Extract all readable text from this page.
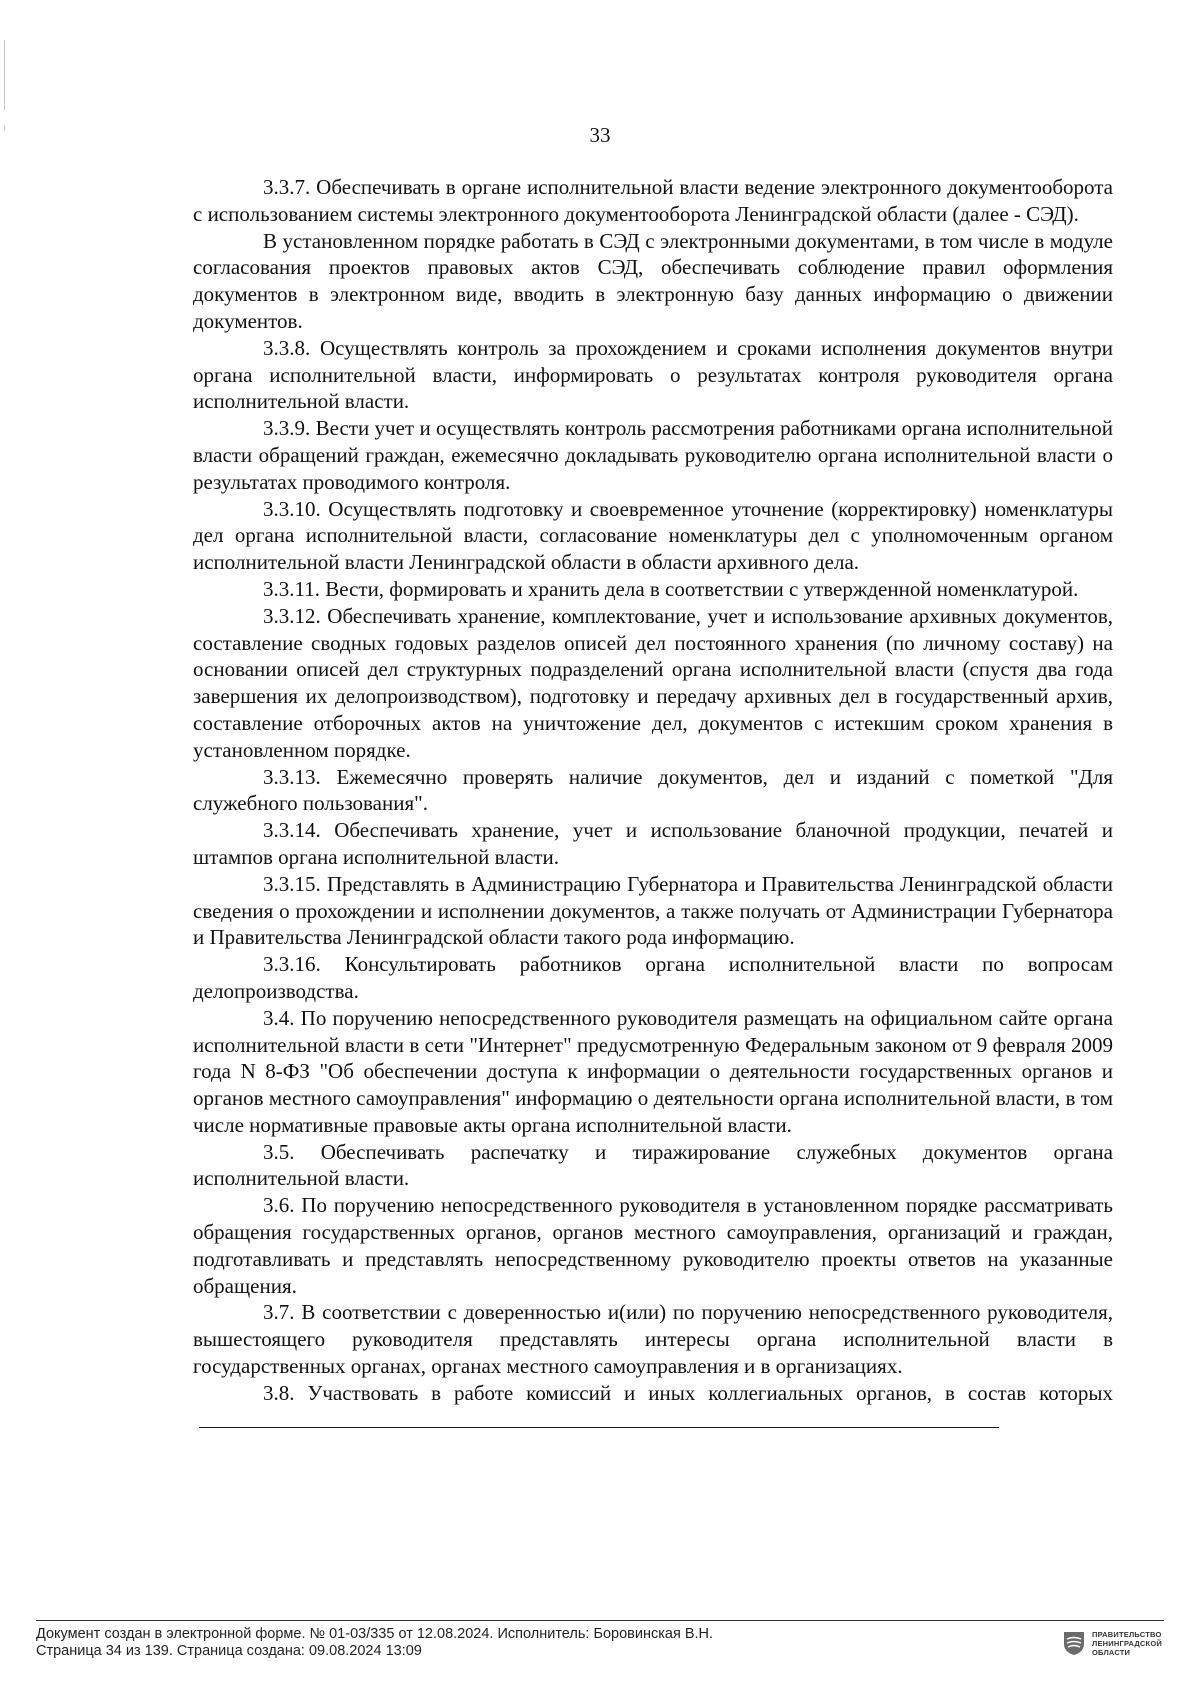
33

3.3.7. Обеспечивать в органе исполнительной власти ведение электронного документооборота с использованием системы электронного документооборота Ленинградской области (далее - СЭД).

В установленном порядке работать в СЭД с электронными документами, в том числе в модуле согласования проектов правовых актов СЭД, обеспечивать соблюдение правил оформления документов в электронном виде, вводить в электронную базу данных информацию о движении документов.

3.3.8. Осуществлять контроль за прохождением и сроками исполнения документов внутри органа исполнительной власти, информировать о результатах контроля руководителя органа исполнительной власти.

3.3.9. Вести учет и осуществлять контроль рассмотрения работниками органа исполнительной власти обращений граждан, ежемесячно докладывать руководителю органа исполнительной власти о результатах проводимого контроля.

3.3.10. Осуществлять подготовку и своевременное уточнение (корректировку) номенклатуры дел органа исполнительной власти, согласование номенклатуры дел с уполномоченным органом исполнительной власти Ленинградской области в области архивного дела.

3.3.11. Вести, формировать и хранить дела в соответствии с утвержденной номенклатурой.

3.3.12. Обеспечивать хранение, комплектование, учет и использование архивных документов, составление сводных годовых разделов описей дел постоянного хранения (по личному составу) на основании описей дел структурных подразделений органа исполнительной власти (спустя два года завершения их делопроизводством), подготовку и передачу архивных дел в государственный архив, составление отборочных актов на уничтожение дел, документов с истекшим сроком хранения в установленном порядке.

3.3.13. Ежемесячно проверять наличие документов, дел и изданий с пометкой "Для служебного пользования".

3.3.14. Обеспечивать хранение, учет и использование бланочной продукции, печатей и штампов органа исполнительной власти.

3.3.15. Представлять в Администрацию Губернатора и Правительства Ленинградской области сведения о прохождении и исполнении документов, а также получать от Администрации Губернатора и Правительства Ленинградской области такого рода информацию.

3.3.16. Консультировать работников органа исполнительной власти по вопросам делопроизводства.

3.4. По поручению непосредственного руководителя размещать на официальном сайте органа исполнительной власти в сети "Интернет" предусмотренную Федеральным законом от 9 февраля 2009 года N 8-ФЗ "Об обеспечении доступа к информации о деятельности государственных органов и органов местного самоуправления" информацию о деятельности органа исполнительной власти, в том числе нормативные правовые акты органа исполнительной власти.

3.5. Обеспечивать распечатку и тиражирование служебных документов органа исполнительной власти.

3.6. По поручению непосредственного руководителя в установленном порядке рассматривать обращения государственных органов, органов местного самоуправления, организаций и граждан, подготавливать и представлять непосредственному руководителю проекты ответов на указанные обращения.

3.7. В соответствии с доверенностью и(или) по поручению непосредственного руководителя, вышестоящего руководителя представлять интересы органа исполнительной власти в государственных органах, органах местного самоуправления и в организациях.

3.8. Участвовать в работе комиссий и иных коллегиальных органов, в состав которых

Документ создан в электронной форме. № 01-03/335 от 12.08.2024. Исполнитель: Боровинская В.Н.
Страница 34 из 139. Страница создана: 09.08.2024 13:09
ПРАВИТЕЛЬСТВО
ЛЕНИНГРАДСКОЙ
ОБЛАСТИ
